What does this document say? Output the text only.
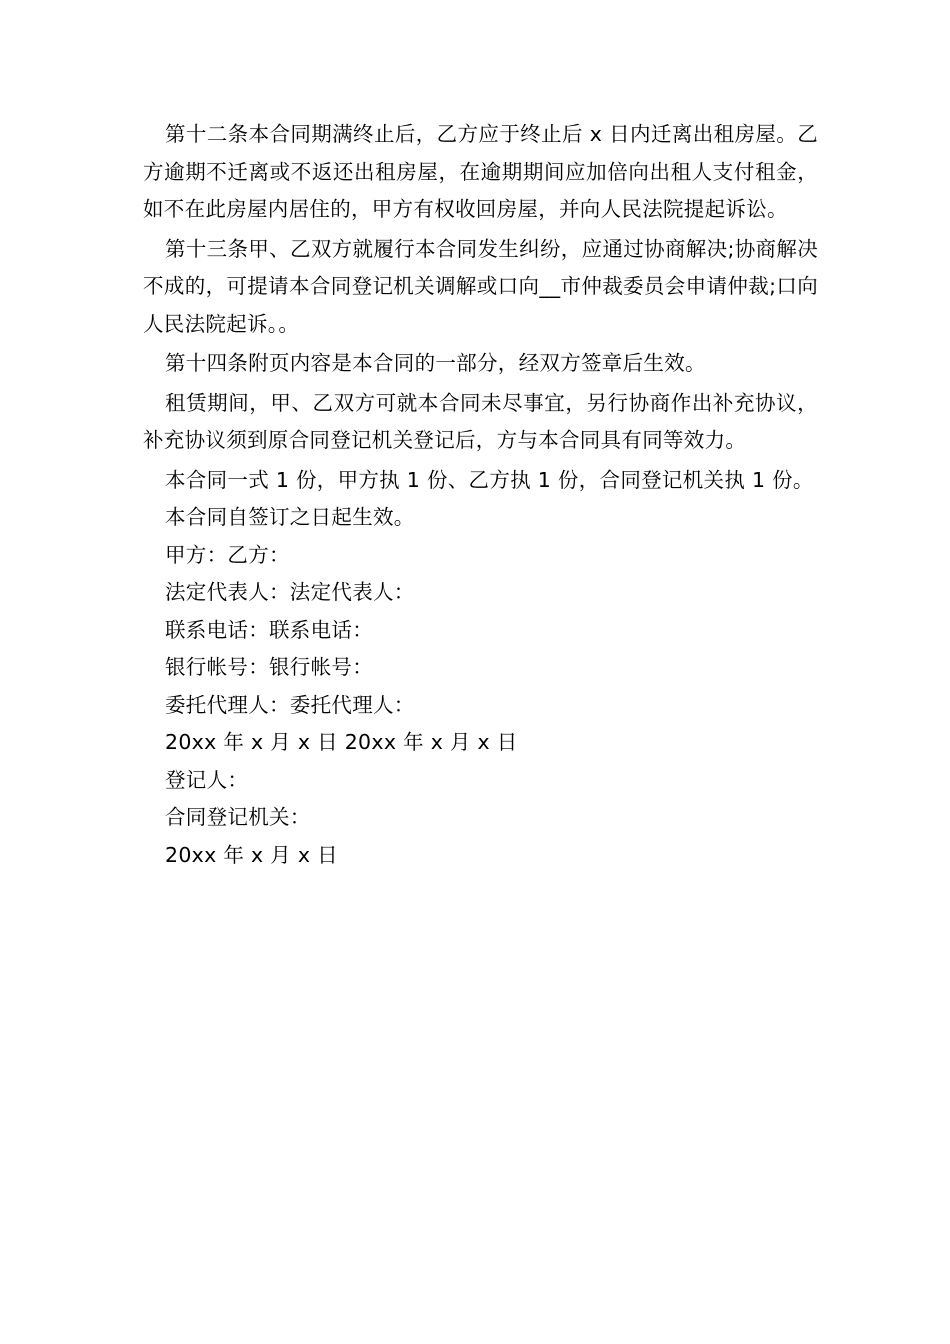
第十二条本合同期满终止后，乙方应于终止后 x 日内迁离出租房屋。乙方逾期不迁离或不返还出租房屋，在逾期期间应加倍向出租人支付租金，如不在此房屋内居住的，甲方有权收回房屋，并向人民法院提起诉讼。

第十三条甲、乙双方就履行本合同发生纠纷，应通过协商解决;协商解决不成的，可提请本合同登记机关调解或口向__市仲裁委员会申请仲裁;口向人民法院起诉。。

第十四条附页内容是本合同的一部分，经双方签章后生效。

租赁期间，甲、乙双方可就本合同未尽事宜，另行协商作出补充协议，补充协议须到原合同登记机关登记后，方与本合同具有同等效力。

本合同一式 1 份，甲方执 1 份、乙方执 1 份，合同登记机关执 1 份。

本合同自签订之日起生效。

甲方：乙方：

法定代表人：法定代表人：

联系电话：联系电话：

银行帐号：银行帐号：

委托代理人：委托代理人：

20xx 年 x 月 x 日 20xx 年 x 月 x 日

登记人：

合同登记机关：

20xx 年 x 月 x 日
